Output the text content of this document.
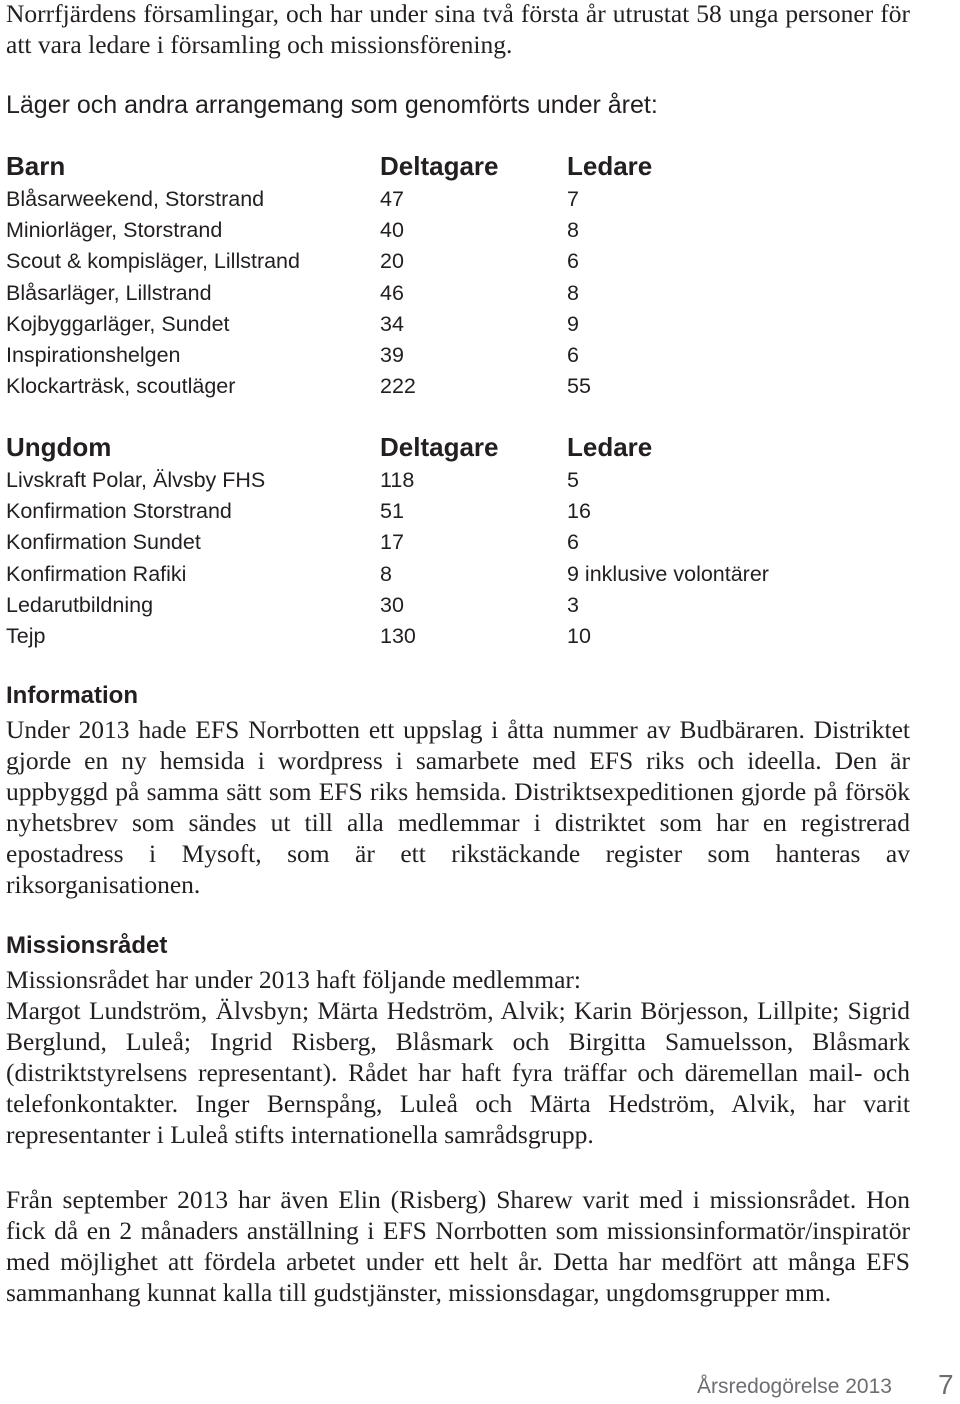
Norrfjärdens församlingar, och har under sina två första år utrustat 58 unga personer för att vara ledare i församling och missionsförening.

Läger och andra arrangemang som genomförts under året:
Barn	Deltagare	Ledare
Blåsarweekend, Storstrand	47	7
Miniorläger, Storstrand	40	8
Scout & kompisläger, Lillstrand	20	6
Blåsarläger, Lillstrand	46	8
Kojbyggarläger, Sundet	34	9
Inspirationshelgen	39	6
Klockarträsk, scoutläger	222	55
Ungdom	Deltagare	Ledare
Livskraft Polar, Älvsby FHS	118	5
Konfirmation Storstrand	51	16
Konfirmation Sundet	17	6
Konfirmation Rafiki	8	9 inklusive volontärer
Ledarutbildning	30	3
Tejp	130	10
Information

Under 2013 hade EFS Norrbotten ett uppslag i åtta nummer av Budbäraren. Distriktet gjorde en ny hemsida i wordpress i samarbete med EFS riks och ideella. Den är uppbyggd på samma sätt som EFS riks hemsida. Distriktsexpeditionen gjorde på försök nyhetsbrev som sändes ut till alla medlemmar i distriktet som har en registrerad epostadress i Mysoft, som är ett rikstäckande register som hanteras av riksorganisationen.

Missionsrådet

Missionsrådet har under 2013 haft följande medlemmar:

Margot Lundström, Älvsbyn; Märta Hedström, Alvik; Karin Börjesson, Lillpite; Sigrid Berglund, Luleå; Ingrid Risberg, Blåsmark och Birgitta Samuelsson, Blåsmark (distriktstyrelsens representant). Rådet har haft fyra träffar och däremellan mail- och telefonkontakter. Inger Bernspång, Luleå och Märta Hedström, Alvik, har varit representanter i Luleå stifts internationella samrådsgrupp.

Från september 2013 har även Elin (Risberg) Sharew varit med i missionsrådet. Hon fick då en 2 månaders anställning i EFS Norrbotten som missionsinformatör/inspiratör med möjlighet att fördela arbetet under ett helt år. Detta har medfört att många EFS sammanhang kunnat kalla till gudstjänster, missionsdagar, ungdomsgrupper mm.

Årsredogörelse 2013 7
